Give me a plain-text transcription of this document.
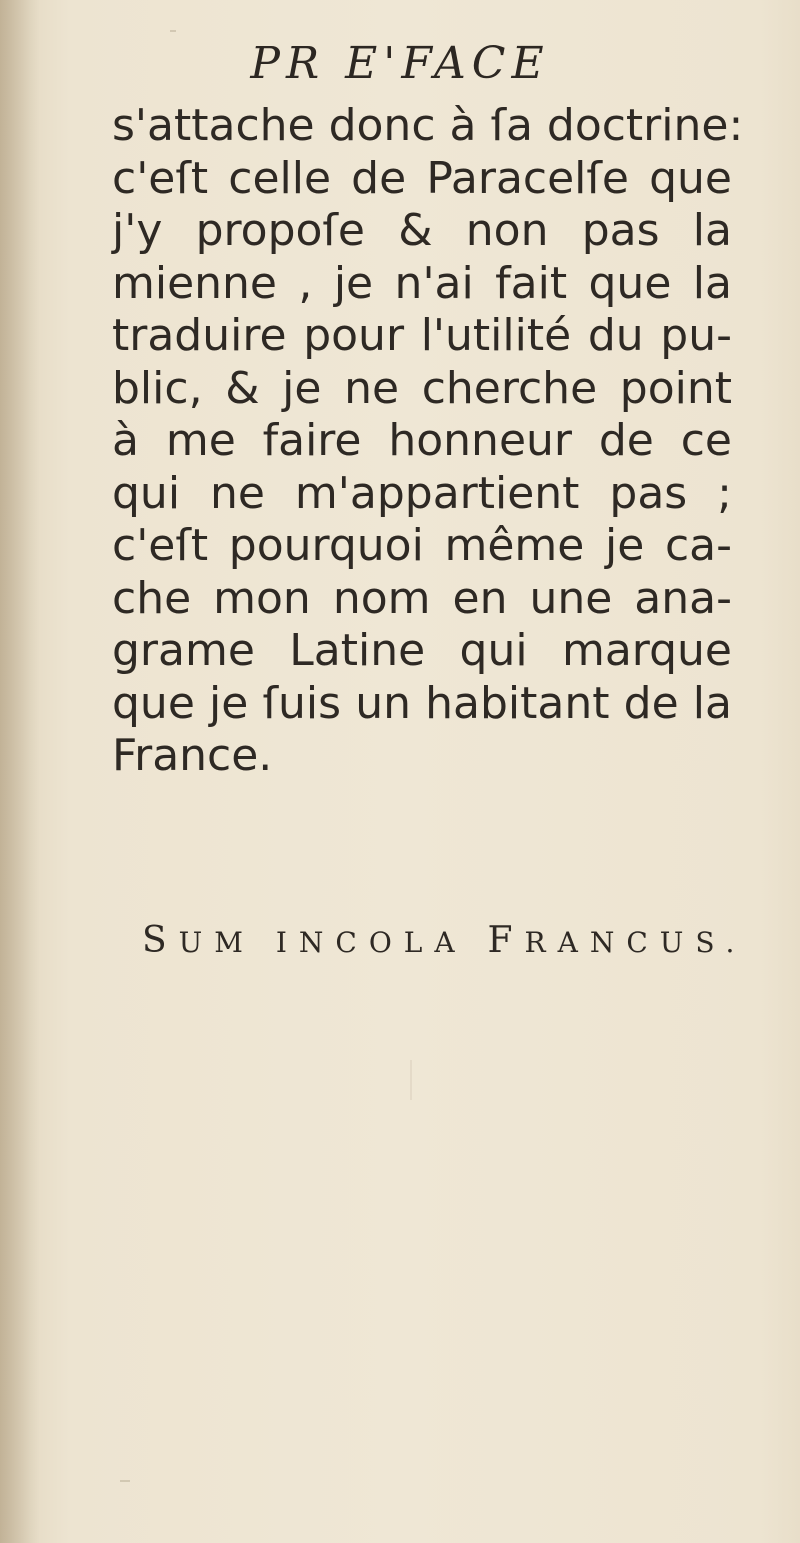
PR E'FACE
s'attache donc à ſa doctrine:
c'eſt celle de Paracelſe que
j'y propoſe & non pas la
mienne , je n'ai fait que la
traduire pour l'utilité du pu-
blic, & je ne cherche point
à me faire honneur de ce
qui ne m'appartient pas ;
c'eſt pourquoi même je ca-
che mon nom en une ana-
grame Latine qui marque
que je ſuis un habitant de la
France.
SUM INCOLA FRANCUS.
